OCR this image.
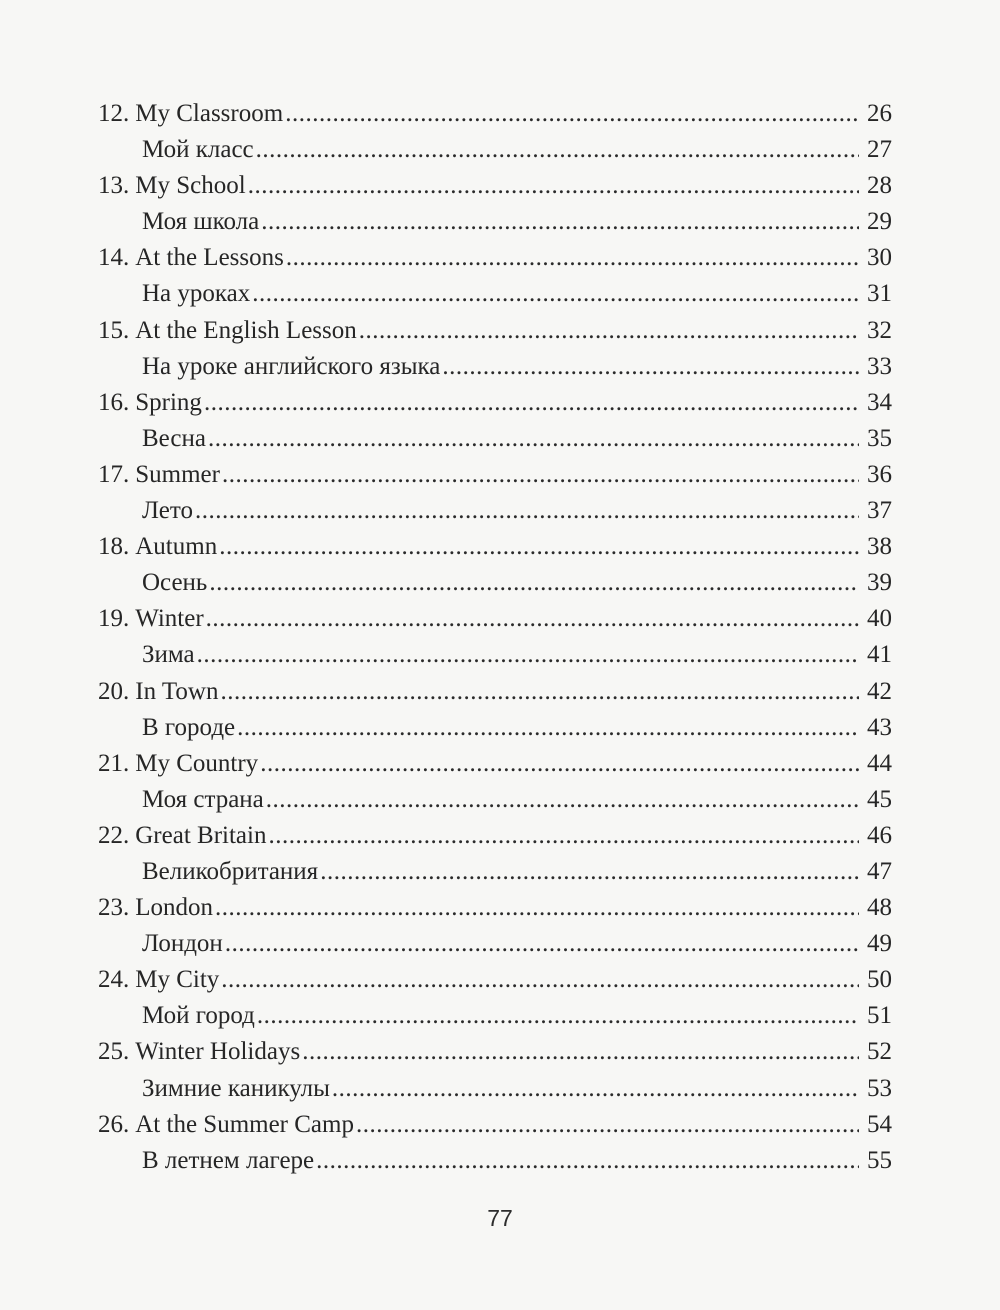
12. My Classroom .....	26
Мой класс .....	27
13. My School .....	28
Моя школа .....	29
14. At the Lessons .....	30
На уроках .....	31
15. At the English Lesson .....	32
На уроке английского языка .....	33
16. Spring .....	34
Весна .....	35
17. Summer .....	36
Лето .....	37
18. Autumn .....	38
Осень .....	39
19. Winter .....	40
Зима .....	41
20. In Town .....	42
В городе .....	43
21. My Country .....	44
Моя страна .....	45
22. Great Britain .....	46
Великобритания .....	47
23. London .....	48
Лондон .....	49
24. My City .....	50
Мой город .....	51
25. Winter Holidays .....	52
Зимние каникулы .....	53
26. At the Summer Camp .....	54
В летнем лагере .....	55
77
